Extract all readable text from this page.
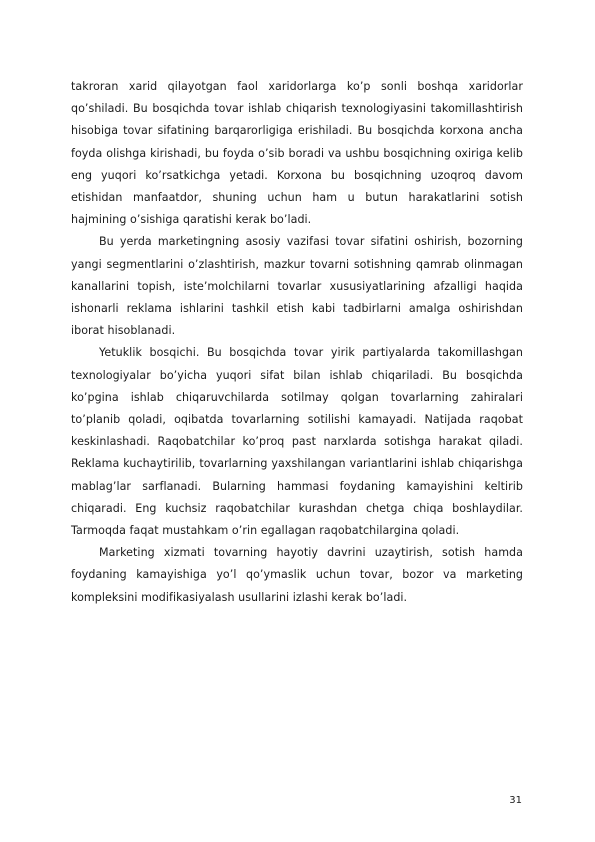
takroran xarid qilayotgan faol xaridorlarga ko’p sonli boshqa xaridorlar qo’shiladi. Bu bosqichda tovar ishlab chiqarish texnologiyasini takomillashtirish hisobiga tovar sifatining barqarorligiga erishiladi. Bu bosqichda korxona ancha foyda olishga kirishadi, bu foyda o’sib boradi va ushbu bosqichning oxiriga kelib eng yuqori ko’rsatkichga yetadi. Korxona bu bosqichning uzoqroq davom etishidan manfaatdor, shuning uchun ham u butun harakatlarini sotish hajmining o’sishiga qaratishi kerak bo’ladi.

Bu yerda marketingning asosiy vazifasi tovar sifatini oshirish, bozorning yangi segmentlarini o’zlashtirish, mazkur tovarni sotishning qamrab olinmagan kanallarini topish, iste’molchilarni tovarlar xususiyatlarining afzalligi haqida ishonarli reklama ishlarini tashkil etish kabi tadbirlarni amalga oshirishdan iborat hisoblanadi.

Yetuklik bosqichi. Bu bosqichda tovar yirik partiyalarda takomillashgan texnologiyalar bo’yicha yuqori sifat bilan ishlab chiqariladi. Bu bosqichda ko’pgina ishlab chiqaruvchilarda sotilmay qolgan tovarlarning zahiralari to’planib qoladi, oqibatda tovarlarning sotilishi kamayadi. Natijada raqobat keskinlashadi. Raqobatchilar ko’proq past narxlarda sotishga harakat qiladi. Reklama kuchaytirilib, tovarlarning yaxshilangan variantlarini ishlab chiqarishga mablag’lar sarflanadi. Bularning hammasi foydaning kamayishini keltirib chiqaradi. Eng kuchsiz raqobatchilar kurashdan chetga chiqa boshlaydilar. Tarmoqda faqat mustahkam o’rin egallagan raqobatchilargina qoladi.

Marketing xizmati tovarning hayotiy davrini uzaytirish, sotish hamda foydaning kamayishiga yo’l qo’ymaslik uchun tovar, bozor va marketing kompleksini modifikasiyalash usullarini izlashi kerak bo’ladi.

31
